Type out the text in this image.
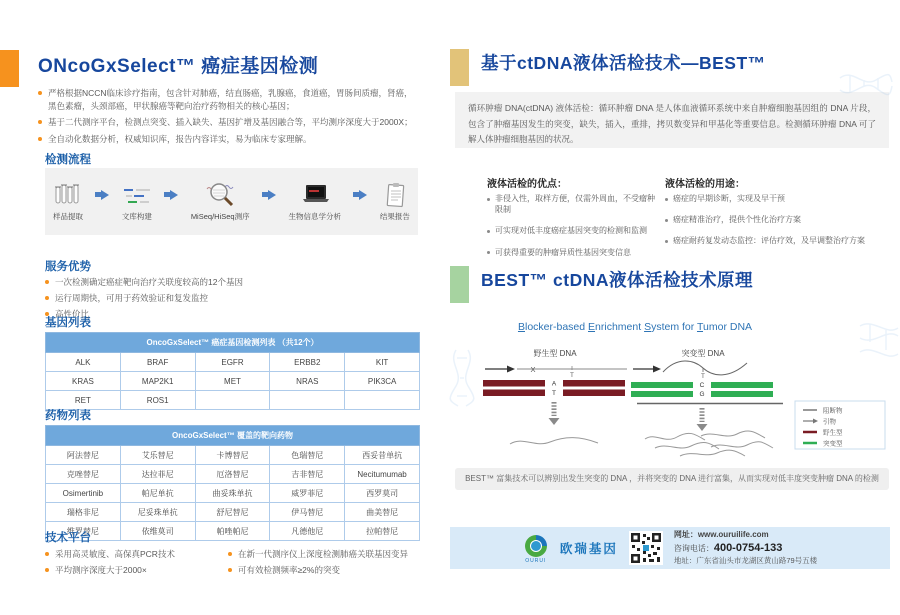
ONcoGxSelect™ 癌症基因检测
严格根据NCCN临床诊疗指南，包含针对肺癌，结直肠癌，乳腺癌，食道癌，胃肠间质瘤，肾癌，黑色素瘤，头颈部癌，甲状腺癌等靶向治疗药物相关的核心基因；
基于二代测序平台，检测点突变、插入缺失、基因扩增及基因融合等，平均测序深度大于2000X；
全自动化数据分析，权威知识库，报告内容详实，易为临床专家理解。
检测流程
样品提取	文库构建	MiSeq/HiSeq测序	生物信息学分析	结果报告
服务优势
一次检测确定癌症靶向治疗关联度较高的12个基因
运行周期快，可用于药效验证和复发监控
高性价比
基因列表
OncoGxSelect™ 癌症基因检测列表 （共12个）				
ALK	BRAF	EGFR	ERBB2	KIT
KRAS	MAP2K1	MET	NRAS	PIK3CA
RET	ROS1			
药物列表
OncoGxSelect™ 覆盖的靶向药物				
阿法替尼	艾乐替尼	卡博替尼	色瑞替尼	西妥昔单抗
克唑替尼	达拉菲尼	厄洛替尼	吉非替尼	Necitumumab
Osimertinib	帕尼单抗	曲妥珠单抗	威罗菲尼	西罗莫司
瑞格非尼	尼妥珠单抗	舒尼替尼	伊马替尼	曲美替尼
维罗替尼	依维莫司	帕唑帕尼	凡德他尼	拉帕替尼
技术平台
采用高灵敏度、高保真PCR技术
平均测序深度大于2000×
在新一代测序仪上深度检测肺癌关联基因变异
可有效检测频率≥2%的突变
基于ctDNA液体活检技术—BEST™
循环肿瘤 DNA(ctDNA) 液体活检：循环肿瘤 DNA 是人体血液循环系统中来自肿瘤细胞基因组的 DNA 片段，包含了肿瘤基因发生的突变，缺失，插入，重排，拷贝数变异和甲基化等重要信息。检测循环肿瘤 DNA 可了解人体肿瘤细胞基因的状况。
液体活检的优点：
非侵入性，取样方便，仅需外周血，不受瘤种限制
可实现对低丰度癌症基因突变的检测和监测
可获得重要的肿瘤异质性基因突变信息
液体活检的用途：
癌症的早期诊断，实现及早干预
癌症精准治疗，提供个性化治疗方案
癌症耐药复发动态监控：评估疗效，及早调整治疗方案
BEST™ ctDNA液体活检技术原理
Blocker-based Enrichment System for Tumor DNA
野生型 DNA
X
T
A
T
突变型 DNA
T
C
G
阻断物
引物
野生型
突变型
BEST™ 富集技术可以辨别出发生突变的 DNA ，并将突变的 DNA 进行富集，从而实现对低丰度突变肿瘤 DNA 的检测
OURUI
欧瑞基因
网址：www.ouruilife.com
咨询电话：400-0754-133
地址：广东省汕头市龙湖区黄山路79号五楼
